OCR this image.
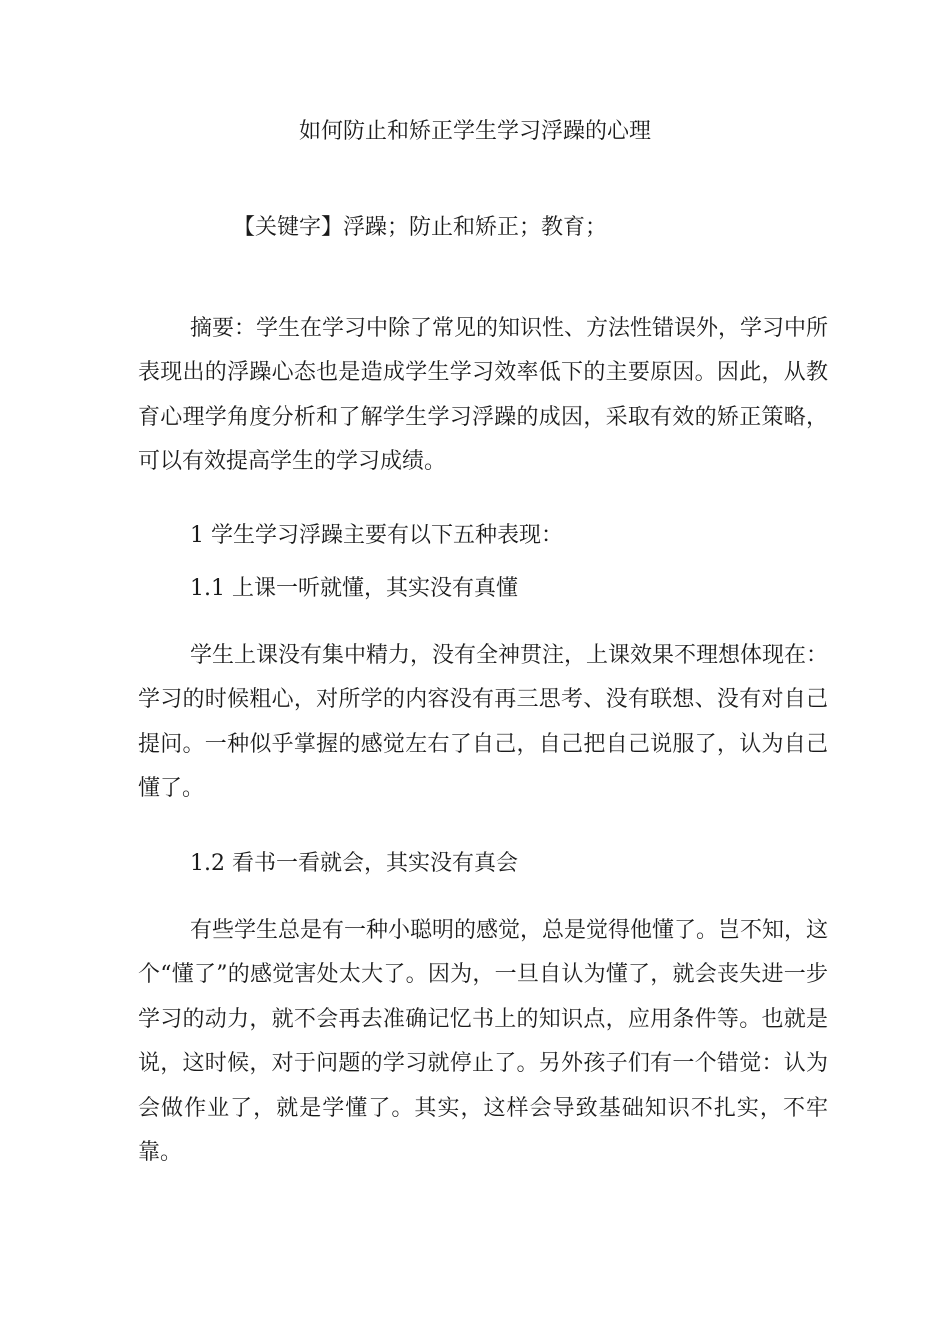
如何防止和矫正学生学习浮躁的心理
【关键字】浮躁；防止和矫正；教育；

摘要：学生在学习中除了常见的知识性、方法性错误外，学习中所表现出的浮躁心态也是造成学生学习效率低下的主要原因。因此，从教育心理学角度分析和了解学生学习浮躁的成因，采取有效的矫正策略，可以有效提高学生的学习成绩。

1 学生学习浮躁主要有以下五种表现：

1.1 上课一听就懂，其实没有真懂

学生上课没有集中精力，没有全神贯注，上课效果不理想体现在：学习的时候粗心，对所学的内容没有再三思考、没有联想、没有对自己提问。一种似乎掌握的感觉左右了自己，自己把自己说服了，认为自己懂了。

1.2 看书一看就会，其实没有真会

有些学生总是有一种小聪明的感觉，总是觉得他懂了。岂不知，这个“懂了”的感觉害处太大了。因为，一旦自认为懂了，就会丧失进一步学习的动力，就不会再去准确记忆书上的知识点，应用条件等。也就是说，这时候，对于问题的学习就停止了。另外孩子们有一个错觉：认为会做作业了，就是学懂了。其实，这样会导致基础知识不扎实，不牢靠。
